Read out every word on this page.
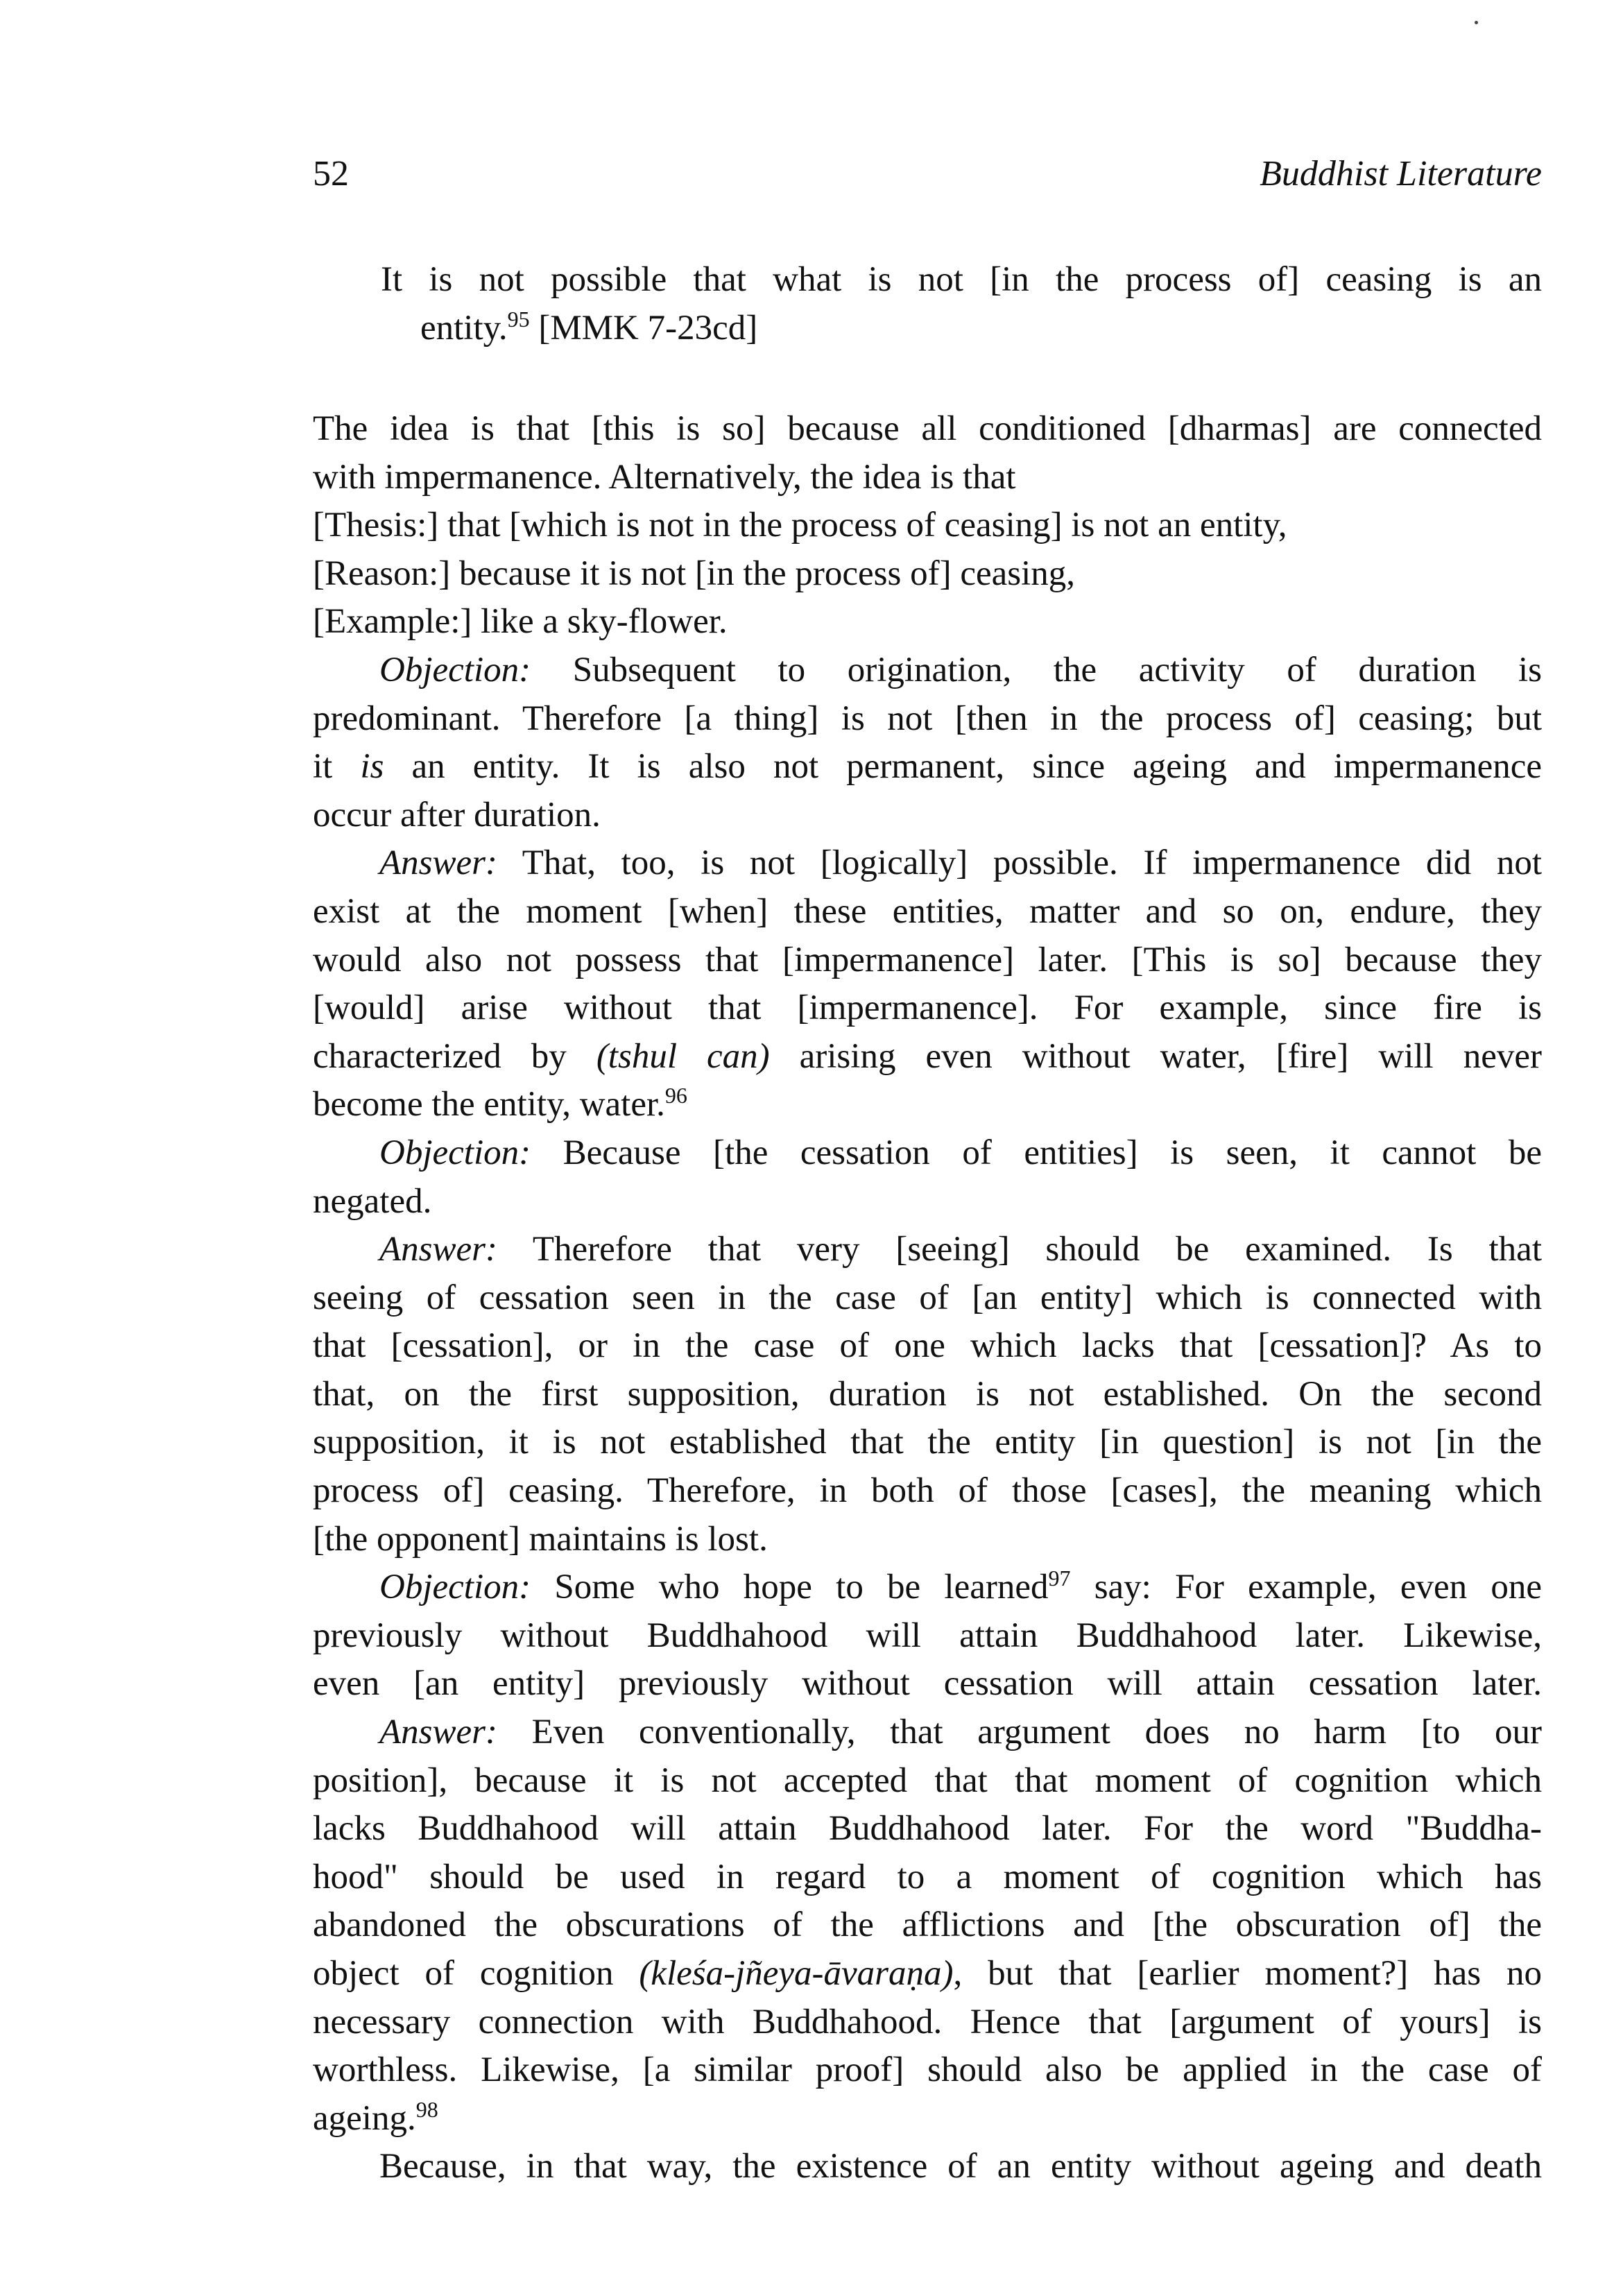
52	Buddhist Literature
It is not possible that what is not [in the process of] ceasing is an
entity.$^{95}$ [MMK 7-23cd]
The idea is that [this is so] because all conditioned [dharmas] are connected
with impermanence. Alternatively, the idea is that
[Thesis:] that [which is not in the process of ceasing] is not an entity,
[Reason:] because it is not [in the process of] ceasing,
[Example:] like a sky-flower.
Objection: Subsequent to origination, the activity of duration is
predominant. Therefore [a thing] is not [then in the process of] ceasing; but
it is an entity. It is also not permanent, since ageing and impermanence
occur after duration.
Answer: That, too, is not [logically] possible. If impermanence did not
exist at the moment [when] these entities, matter and so on, endure, they
would also not possess that [impermanence] later. [This is so] because they
[would] arise without that [impermanence]. For example, since fire is
characterized by (tshul can) arising even without water, [fire] will never
become the entity, water.$^{96}$
Objection: Because [the cessation of entities] is seen, it cannot be
negated.
Answer: Therefore that very [seeing] should be examined. Is that
seeing of cessation seen in the case of [an entity] which is connected with
that [cessation], or in the case of one which lacks that [cessation]? As to
that, on the first supposition, duration is not established. On the second
supposition, it is not established that the entity [in question] is not [in the
process of] ceasing. Therefore, in both of those [cases], the meaning which
[the opponent] maintains is lost.
Objection: Some who hope to be learned$^{97}$ say: For example, even one
previously without Buddhahood will attain Buddhahood later. Likewise,
even [an entity] previously without cessation will attain cessation later.
Answer: Even conventionally, that argument does no harm [to our
position], because it is not accepted that that moment of cognition which
lacks Buddhahood will attain Buddhahood later. For the word "Buddha-
hood" should be used in regard to a moment of cognition which has
abandoned the obscurations of the afflictions and [the obscuration of] the
object of cognition (kleśa-jñeya-āvaraṇa), but that [earlier moment?] has no
necessary connection with Buddhahood. Hence that [argument of yours] is
worthless. Likewise, [a similar proof] should also be applied in the case of
ageing.$^{98}$
Because, in that way, the existence of an entity without ageing and death
